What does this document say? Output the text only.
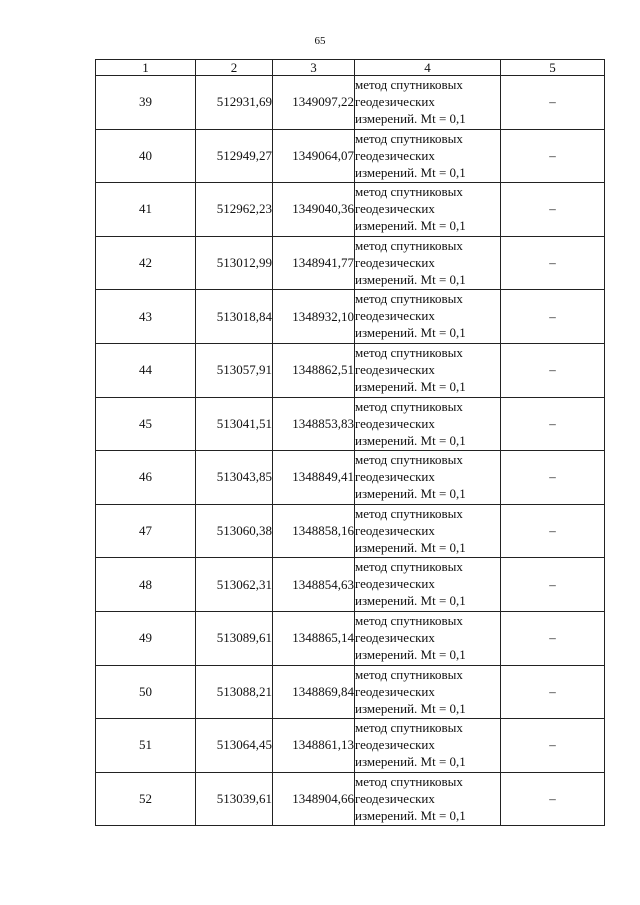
65
1	2	3	4	5
39	512931,69	1349097,22	метод спутниковых
геодезических
измерений. Mt = 0,1	–
40	512949,27	1349064,07	метод спутниковых
геодезических
измерений. Mt = 0,1	–
41	512962,23	1349040,36	метод спутниковых
геодезических
измерений. Mt = 0,1	–
42	513012,99	1348941,77	метод спутниковых
геодезических
измерений. Mt = 0,1	–
43	513018,84	1348932,10	метод спутниковых
геодезических
измерений. Mt = 0,1	–
44	513057,91	1348862,51	метод спутниковых
геодезических
измерений. Mt = 0,1	–
45	513041,51	1348853,83	метод спутниковых
геодезических
измерений. Mt = 0,1	–
46	513043,85	1348849,41	метод спутниковых
геодезических
измерений. Mt = 0,1	–
47	513060,38	1348858,16	метод спутниковых
геодезических
измерений. Mt = 0,1	–
48	513062,31	1348854,63	метод спутниковых
геодезических
измерений. Mt = 0,1	–
49	513089,61	1348865,14	метод спутниковых
геодезических
измерений. Mt = 0,1	–
50	513088,21	1348869,84	метод спутниковых
геодезических
измерений. Mt = 0,1	–
51	513064,45	1348861,13	метод спутниковых
геодезических
измерений. Mt = 0,1	–
52	513039,61	1348904,66	метод спутниковых
геодезических
измерений. Mt = 0,1	–
